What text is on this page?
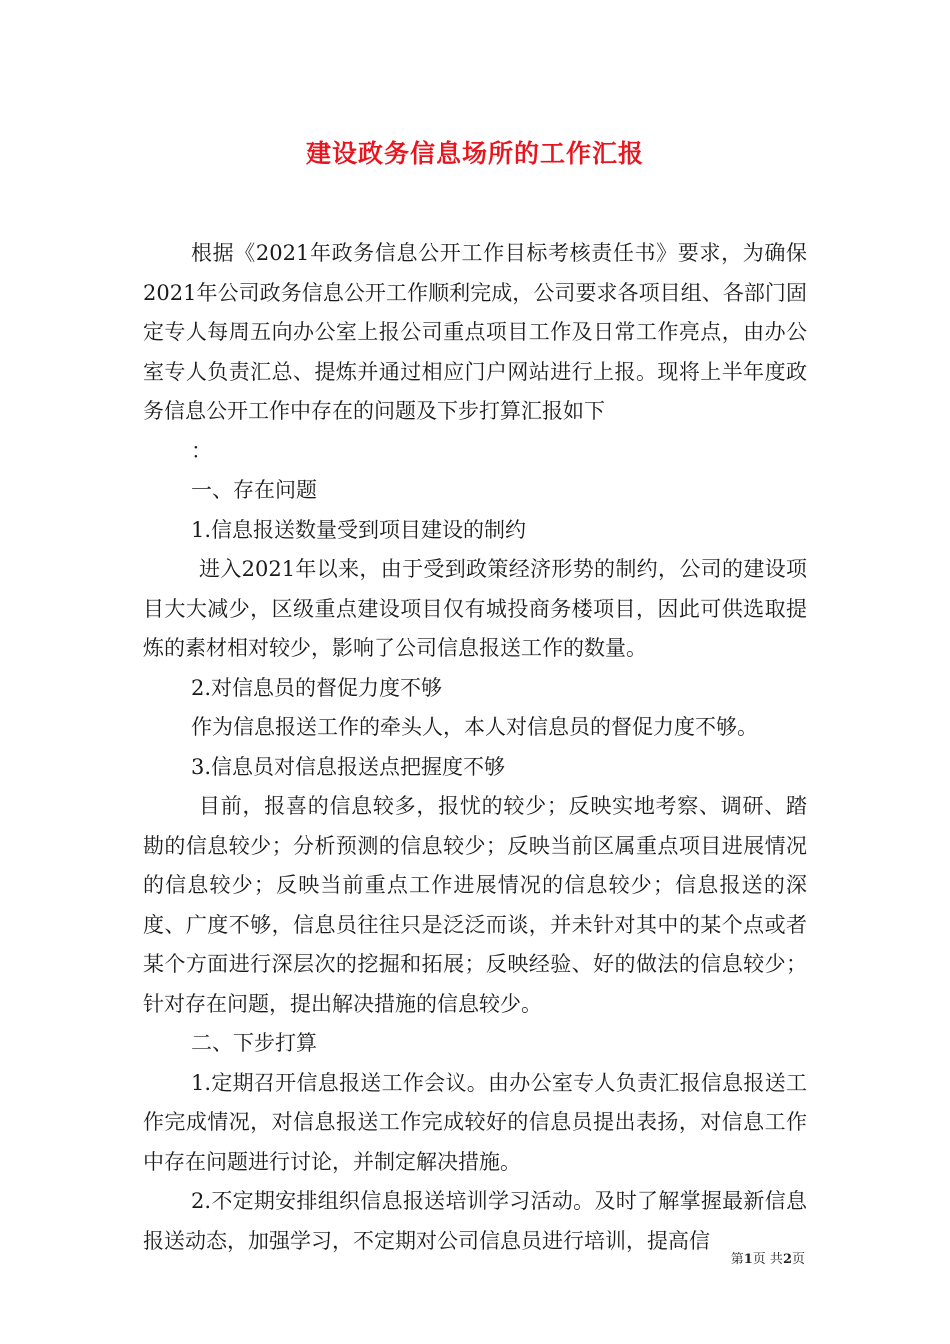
建设政务信息场所的工作汇报

根据《2021年政务信息公开工作目标考核责任书》要求，为确保2021年公司政务信息公开工作顺利完成，公司要求各项目组、各部门固定专人每周五向办公室上报公司重点项目工作及日常工作亮点，由办公室专人负责汇总、提炼并通过相应门户网站进行上报。现将上半年度政务信息公开工作中存在的问题及下步打算汇报如下

：

一、存在问题

1.信息报送数量受到项目建设的制约

进入2021年以来，由于受到政策经济形势的制约，公司的建设项目大大减少，区级重点建设项目仅有城投商务楼项目，因此可供选取提炼的素材相对较少，影响了公司信息报送工作的数量。

2.对信息员的督促力度不够

作为信息报送工作的牵头人，本人对信息员的督促力度不够。

3.信息员对信息报送点把握度不够

目前，报喜的信息较多，报忧的较少；反映实地考察、调研、踏勘的信息较少；分析预测的信息较少；反映当前区属重点项目进展情况的信息较少；反映当前重点工作进展情况的信息较少；信息报送的深度、广度不够，信息员往往只是泛泛而谈，并未针对其中的某个点或者某个方面进行深层次的挖掘和拓展；反映经验、好的做法的信息较少；针对存在问题，提出解决措施的信息较少。

二、下步打算

1.定期召开信息报送工作会议。由办公室专人负责汇报信息报送工作完成情况，对信息报送工作完成较好的信息员提出表扬，对信息工作中存在问题进行讨论，并制定解决措施。

2.不定期安排组织信息报送培训学习活动。及时了解掌握最新信息报送动态，加强学习，不定期对公司信息员进行培训，提高信

第1页 共2页
